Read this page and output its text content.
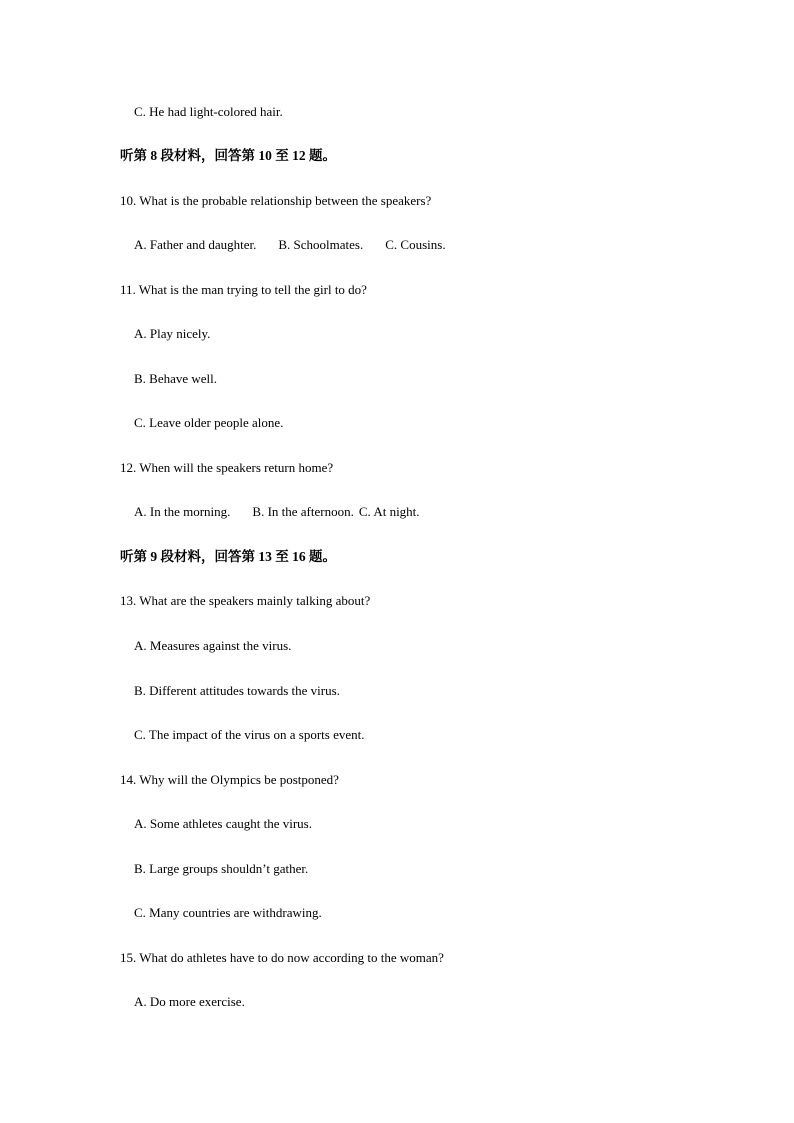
C. He had light-colored hair.
听第 8 段材料，回答第 10 至 12 题。
10. What is the probable relationship between the speakers?
A. Father and daughter. B. Schoolmates. C. Cousins.
11. What is the man trying to tell the girl to do?
A. Play nicely.
B. Behave well.
C. Leave older people alone.
12. When will the speakers return home?
A. In the morning. B. In the afternoon. C. At night.
听第 9 段材料，回答第 13 至 16 题。
13. What are the speakers mainly talking about?
A. Measures against the virus.
B. Different attitudes towards the virus.
C. The impact of the virus on a sports event.
14. Why will the Olympics be postponed?
A. Some athletes caught the virus.
B. Large groups shouldn’t gather.
C. Many countries are withdrawing.
15. What do athletes have to do now according to the woman?
A. Do more exercise.
